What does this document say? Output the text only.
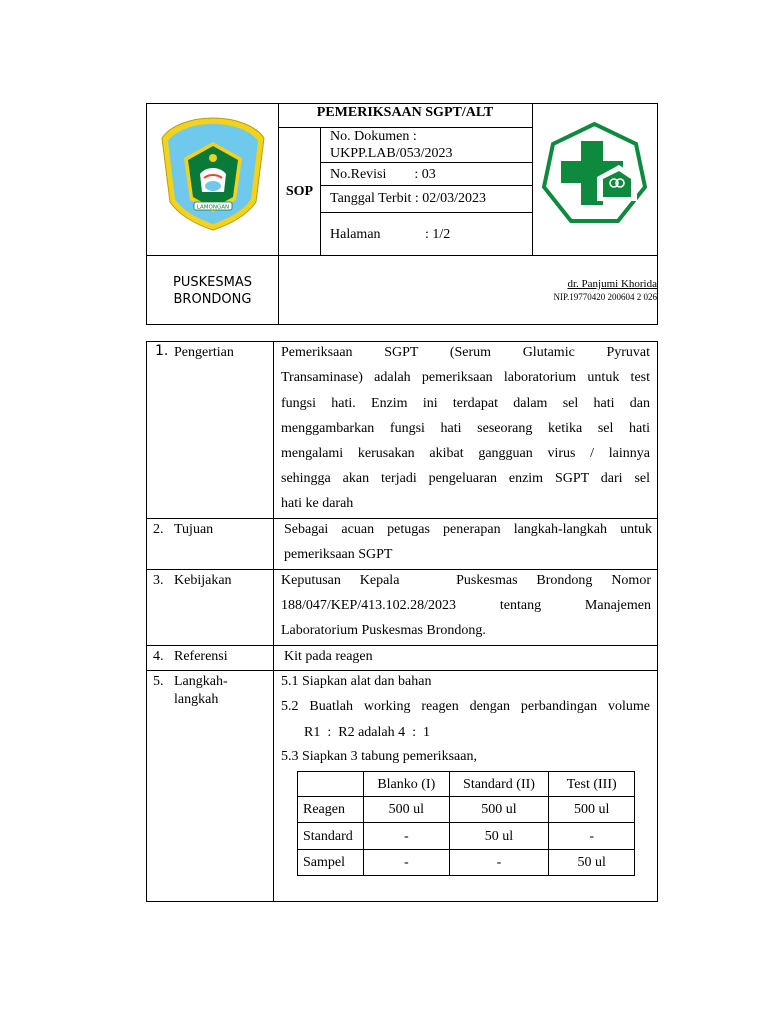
LAMONGAN
PEMERIKSAAN SGPT/ALT
SOP
No. Dokumen :
UKPP.LAB/053/2023
No.Revisi        : 03
Tanggal Terbit : 02/03/2023
Halaman	: 1/2
PUSKESMAS
BRONDONG
dr. Panjumi Khorida
NIP.19770420 200604 2 026
1. Pengertian	Pemeriksaan SGPT (Serum Glutamic Pyruvat
Transaminase) adalah pemeriksaan laboratorium untuk test
fungsi hati. Enzim ini terdapat dalam sel hati dan
menggambarkan fungsi hati seseorang ketika sel hati
mengalami kerusakan akibat gangguan virus / lainnya
sehingga akan terjadi pengeluaran enzim SGPT dari sel
hati ke darah
2. Tujuan	Sebagai acuan petugas penerapan langkah-langkah untuk
pemeriksaan SGPT
3. Kebijakan	Keputusan Kepala   Puskesmas Brondong Nomor
188/047/KEP/413.102.28/2023 tentang Manajemen
Laboratorium Puskesmas Brondong.
4. Referensi	Kit pada reagen
5. Langkah-
langkah
5.1 Siapkan alat dan bahan
5.2 Buatlah working reagen dengan perbandingan volume
R1  :  R2 adalah 4  :  1
5.3 Siapkan 3 tabung pemeriksaan,
	Blanko (I)	Standard (II)	Test (III)
Reagen	500 ul	500 ul	500 ul
Standard	-	50 ul	-
Sampel	-	-	50 ul
